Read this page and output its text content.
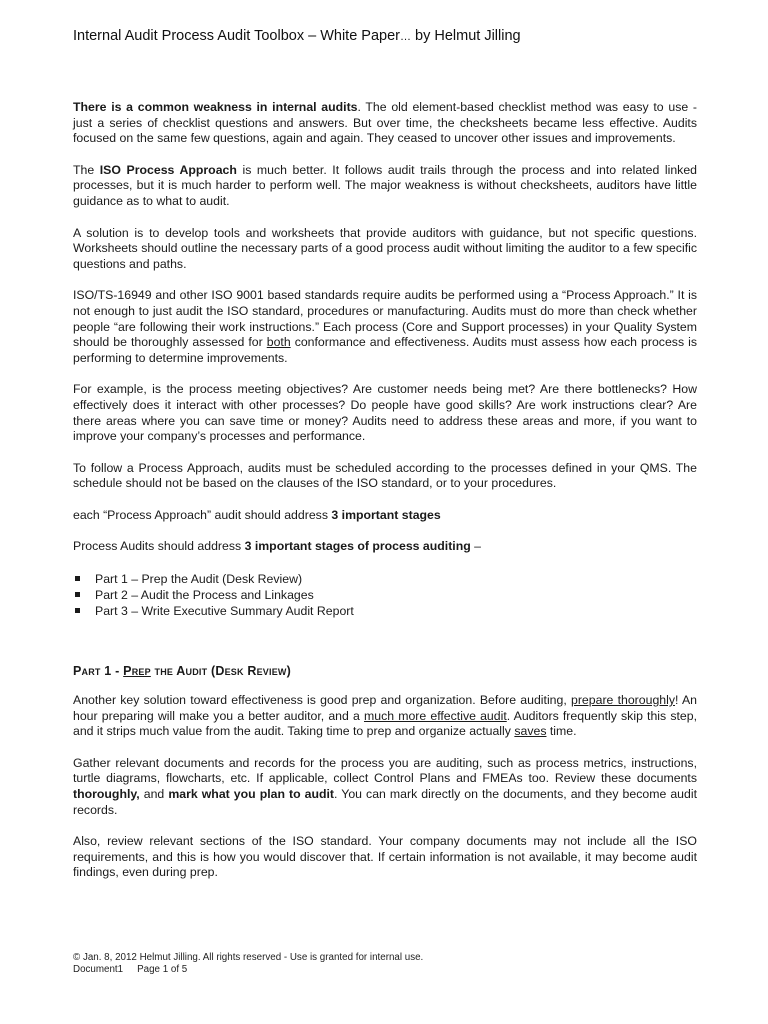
Internal Audit Process Audit Toolbox – White Paper… by Helmut Jilling

There is a common weakness in internal audits. The old element-based checklist method was easy to use - just a series of checklist questions and answers. But over time, the checksheets became less effective. Audits focused on the same few questions, again and again. They ceased to uncover other issues and improvements.

The ISO Process Approach is much better. It follows audit trails through the process and into related linked processes, but it is much harder to perform well. The major weakness is without checksheets, auditors have little guidance as to what to audit.

A solution is to develop tools and worksheets that provide auditors with guidance, but not specific questions. Worksheets should outline the necessary parts of a good process audit without limiting the auditor to a few specific questions and paths.

ISO/TS-16949 and other ISO 9001 based standards require audits be performed using a “Process Approach.” It is not enough to just audit the ISO standard, procedures or manufacturing. Audits must do more than check whether people “are following their work instructions.” Each process (Core and Support processes) in your Quality System should be thoroughly assessed for both conformance and effectiveness. Audits must assess how each process is performing to determine improvements.

For example, is the process meeting objectives? Are customer needs being met? Are there bottlenecks? How effectively does it interact with other processes? Do people have good skills? Are work instructions clear? Are there areas where you can save time or money? Audits need to address these areas and more, if you want to improve your company’s processes and performance.

To follow a Process Approach, audits must be scheduled according to the processes defined in your QMS. The schedule should not be based on the clauses of the ISO standard, or to your procedures.

each “Process Approach” audit should address 3 important stages

Process Audits should address 3 important stages of process auditing –

Part 1 – Prep the Audit (Desk Review)
Part 2 – Audit the Process and Linkages
Part 3 – Write Executive Summary Audit Report
Part 1 - Prep the Audit (Desk Review)

Another key solution toward effectiveness is good prep and organization. Before auditing, prepare thoroughly! An hour preparing will make you a better auditor, and a much more effective audit. Auditors frequently skip this step, and it strips much value from the audit. Taking time to prep and organize actually saves time.

Gather relevant documents and records for the process you are auditing, such as process metrics, instructions, turtle diagrams, flowcharts, etc. If applicable, collect Control Plans and FMEAs too. Review these documents thoroughly, and mark what you plan to audit. You can mark directly on the documents, and they become audit records.

Also, review relevant sections of the ISO standard. Your company documents may not include all the ISO requirements, and this is how you would discover that. If certain information is not available, it may become audit findings, even during prep.

© Jan. 8, 2012 Helmut Jilling. All rights reserved - Use is granted for internal use.
Document1 Page 1 of 5
